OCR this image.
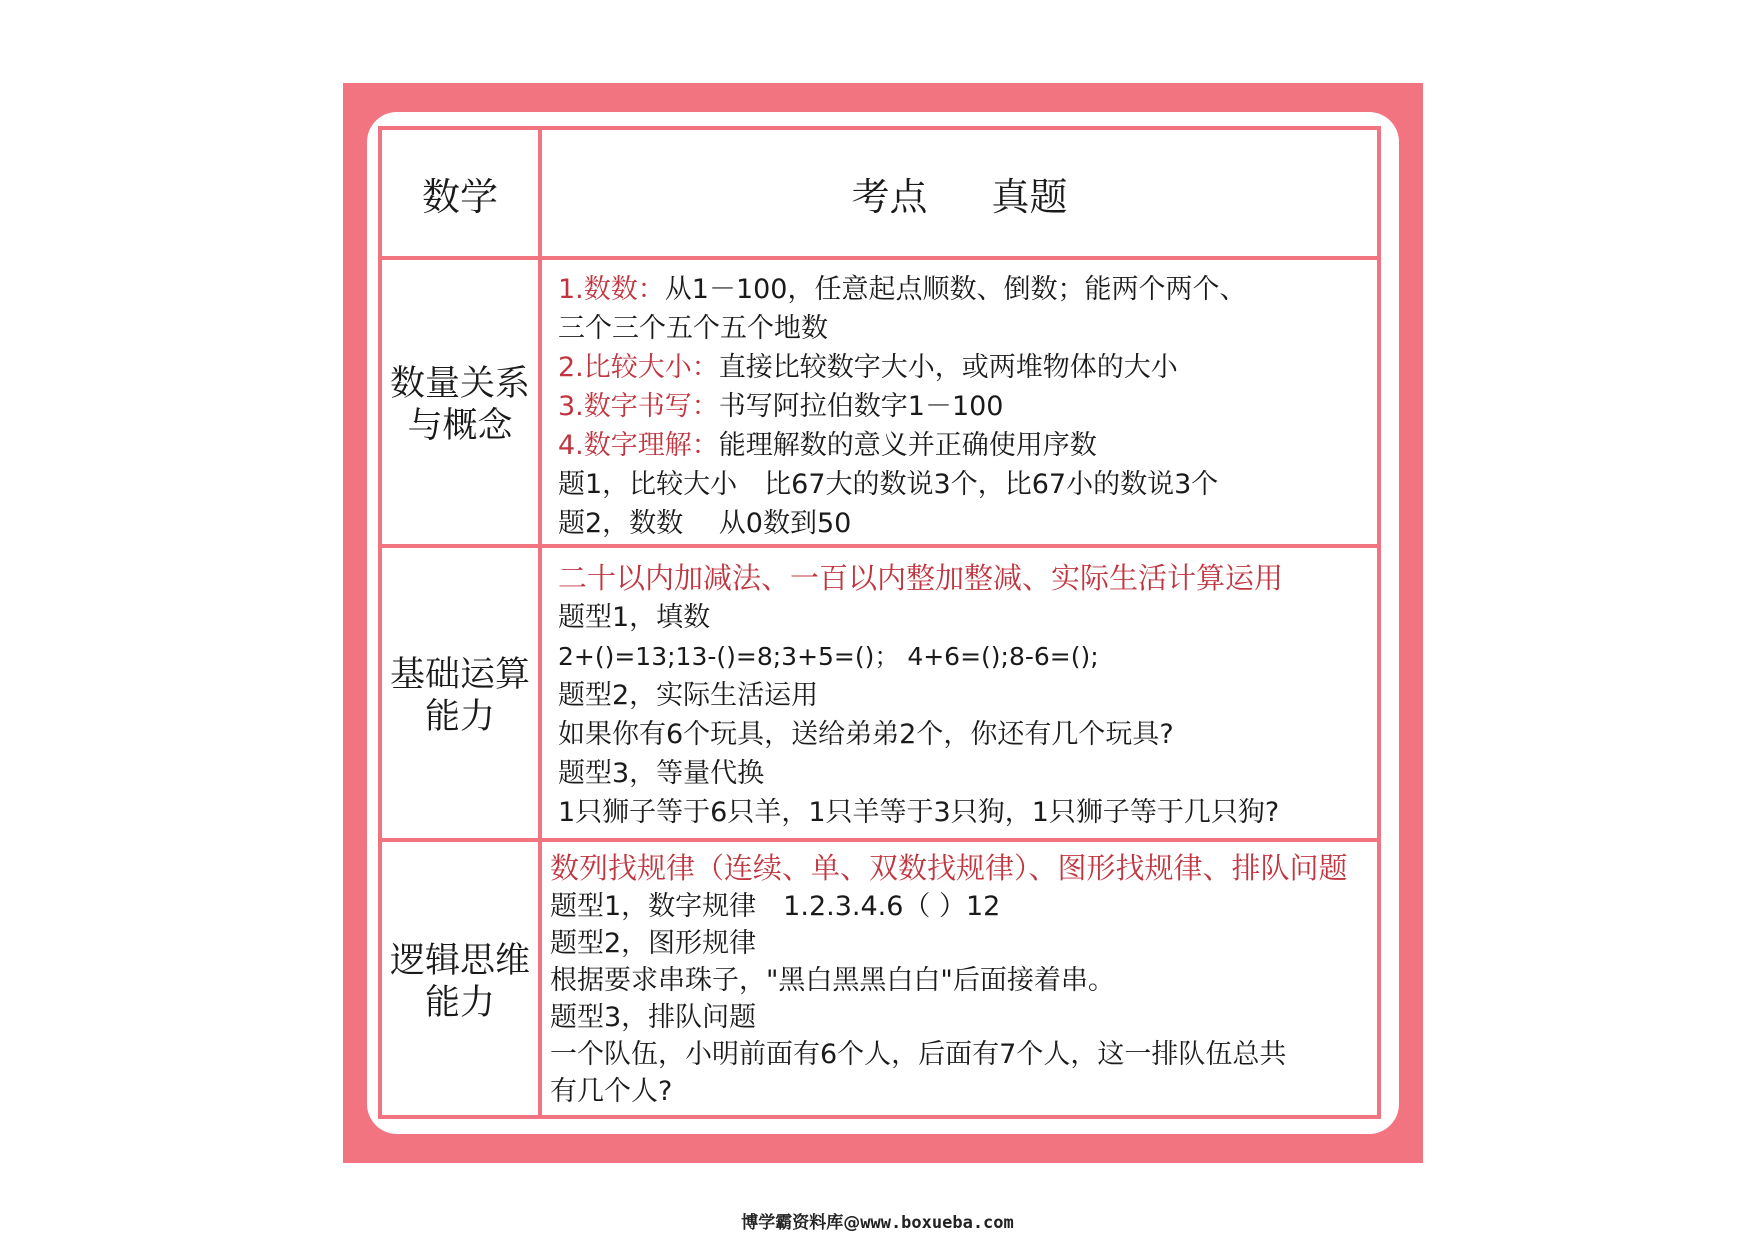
数学	考点 真题
数量关系
与概念
1.数数：从1－100，任意起点顺数、倒数；能两个两个、
三个三个五个五个地数
2.比较大小：直接比较数字大小，或两堆物体的大小
3.数字书写：书写阿拉伯数字1－100
4.数字理解：能理解数的意义并正确使用序数
题1，比较大小　比67大的数说3个，比67小的数说3个
题2，数数　 从0数到50
基础运算
能力
二十以内加减法、一百以内整加整减、实际生活计算运用
题型1，填数
2+()=13;13-()=8;3+5=()； 4+6=();8-6=();
题型2，实际生活运用
如果你有6个玩具，送给弟弟2个，你还有几个玩具?
题型3，等量代换
1只狮子等于6只羊，1只羊等于3只狗，1只狮子等于几只狗?
逻辑思维
能力
数列找规律（连续、单、双数找规律）、图形找规律、排队问题
题型1，数字规律　1.2.3.4.6（ ）12
题型2，图形规律
根据要求串珠子，"黑白黑黑白白"后面接着串。
题型3，排队问题
一个队伍，小明前面有6个人，后面有7个人，这一排队伍总共
有几个人?
博学霸资料库@www.boxueba.com
